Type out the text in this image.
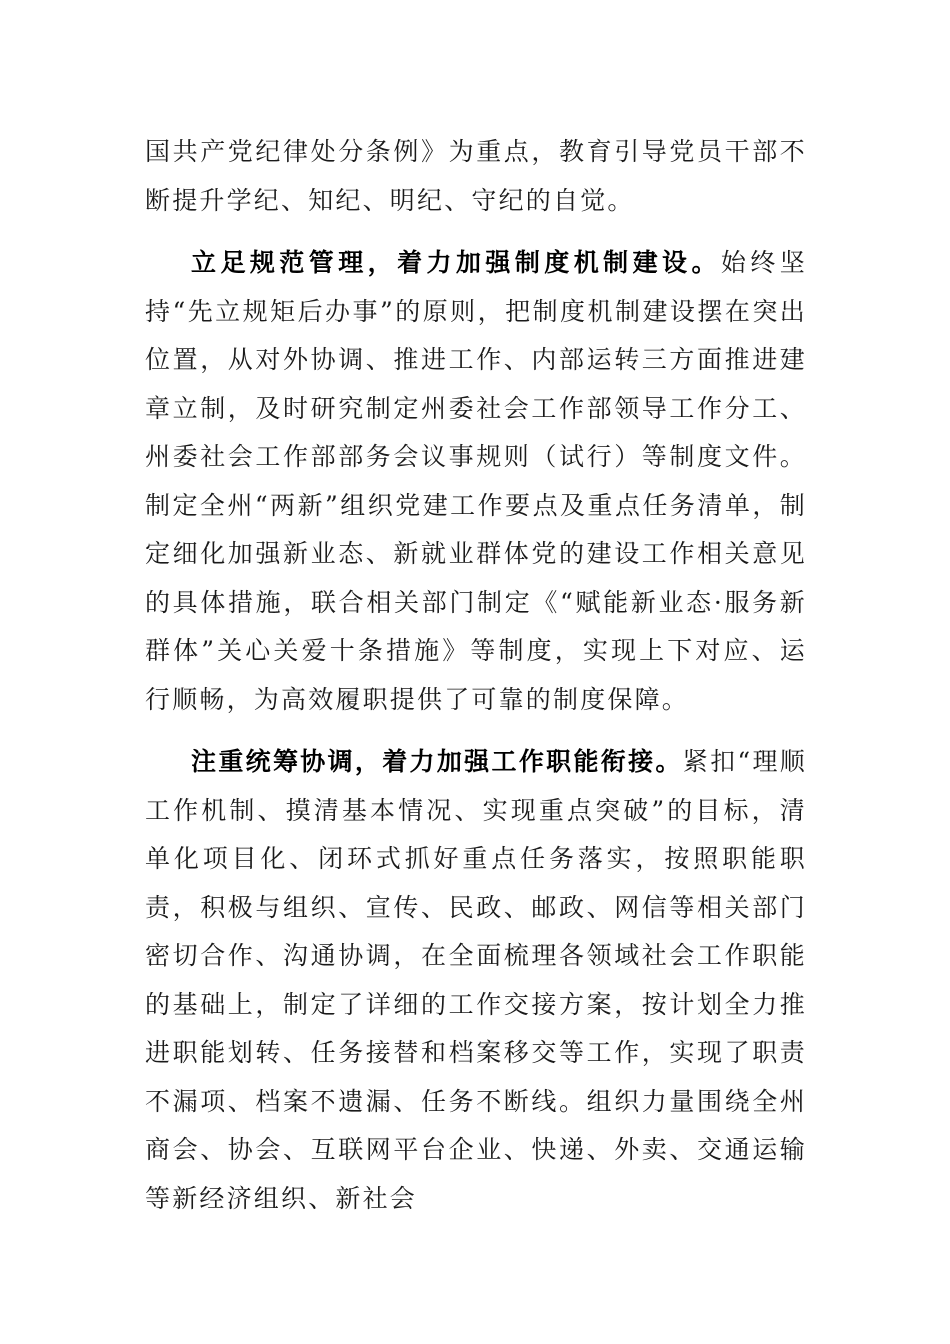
国共产党纪律处分条例》为重点，教育引导党员干部不断提升学纪、知纪、明纪、守纪的自觉。

立足规范管理，着力加强制度机制建设。始终坚持“先立规矩后办事”的原则，把制度机制建设摆在突出位置，从对外协调、推进工作、内部运转三方面推进建章立制，及时研究制定州委社会工作部领导工作分工、州委社会工作部部务会议事规则（试行）等制度文件。制定全州“两新”组织党建工作要点及重点任务清单，制定细化加强新业态、新就业群体党的建设工作相关意见的具体措施，联合相关部门制定《“赋能新业态·服务新群体”关心关爱十条措施》等制度，实现上下对应、运行顺畅，为高效履职提供了可靠的制度保障。

注重统筹协调，着力加强工作职能衔接。紧扣“理顺工作机制、摸清基本情况、实现重点突破”的目标，清单化项目化、闭环式抓好重点任务落实，按照职能职责，积极与组织、宣传、民政、邮政、网信等相关部门密切合作、沟通协调，在全面梳理各领域社会工作职能的基础上，制定了详细的工作交接方案，按计划全力推进职能划转、任务接替和档案移交等工作，实现了职责不漏项、档案不遗漏、任务不断线。组织力量围绕全州商会、协会、互联网平台企业、快递、外卖、交通运输等新经济组织、新社会
